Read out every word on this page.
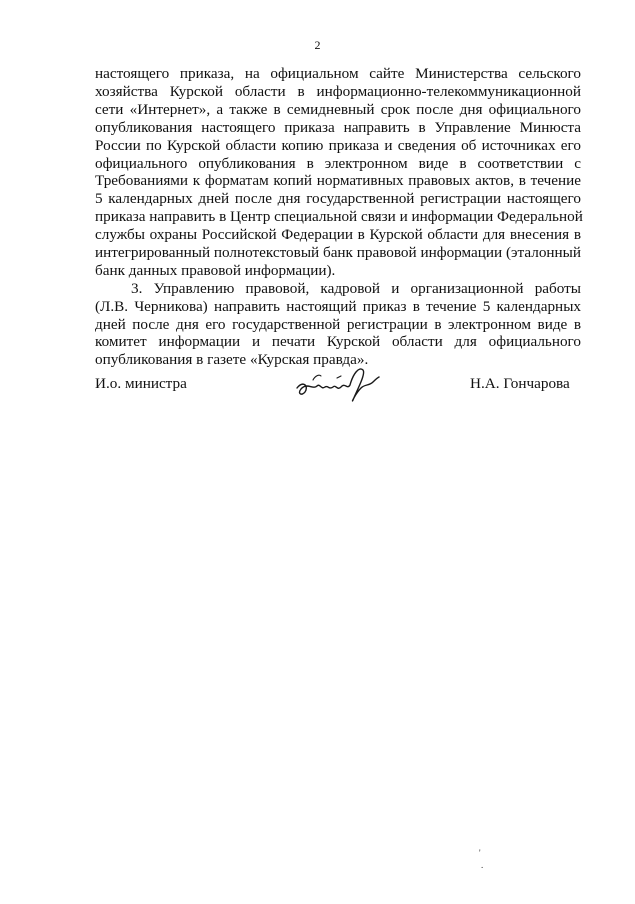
2
настоящего приказа, на официальном сайте Министерства сельского
хозяйства Курской области в информационно-телекоммуникационной
сети «Интернет», а также в семидневный срок после дня официального
опубликования настоящего приказа направить в Управление Минюста
России по Курской области копию приказа и сведения об источниках его
официального опубликования в электронном виде в соответствии с
Требованиями к форматам копий нормативных правовых актов, в течение
5 календарных дней после дня государственной регистрации настоящего
приказа направить в Центр специальной связи и информации Федеральной
службы охраны Российской Федерации в Курской области для внесения в
интегрированный полнотекстовый банк правовой информации (эталонный
банк данных правовой информации).
3. Управлению правовой, кадровой и организационной работы
(Л.В. Черникова) направить настоящий приказ в течение 5 календарных
дней после дня его государственной регистрации в электронном виде в
комитет информации и печати Курской области для официального
опубликования в газете «Курская правда».
И.о. министра	Н.А. Гончарова
'
.
